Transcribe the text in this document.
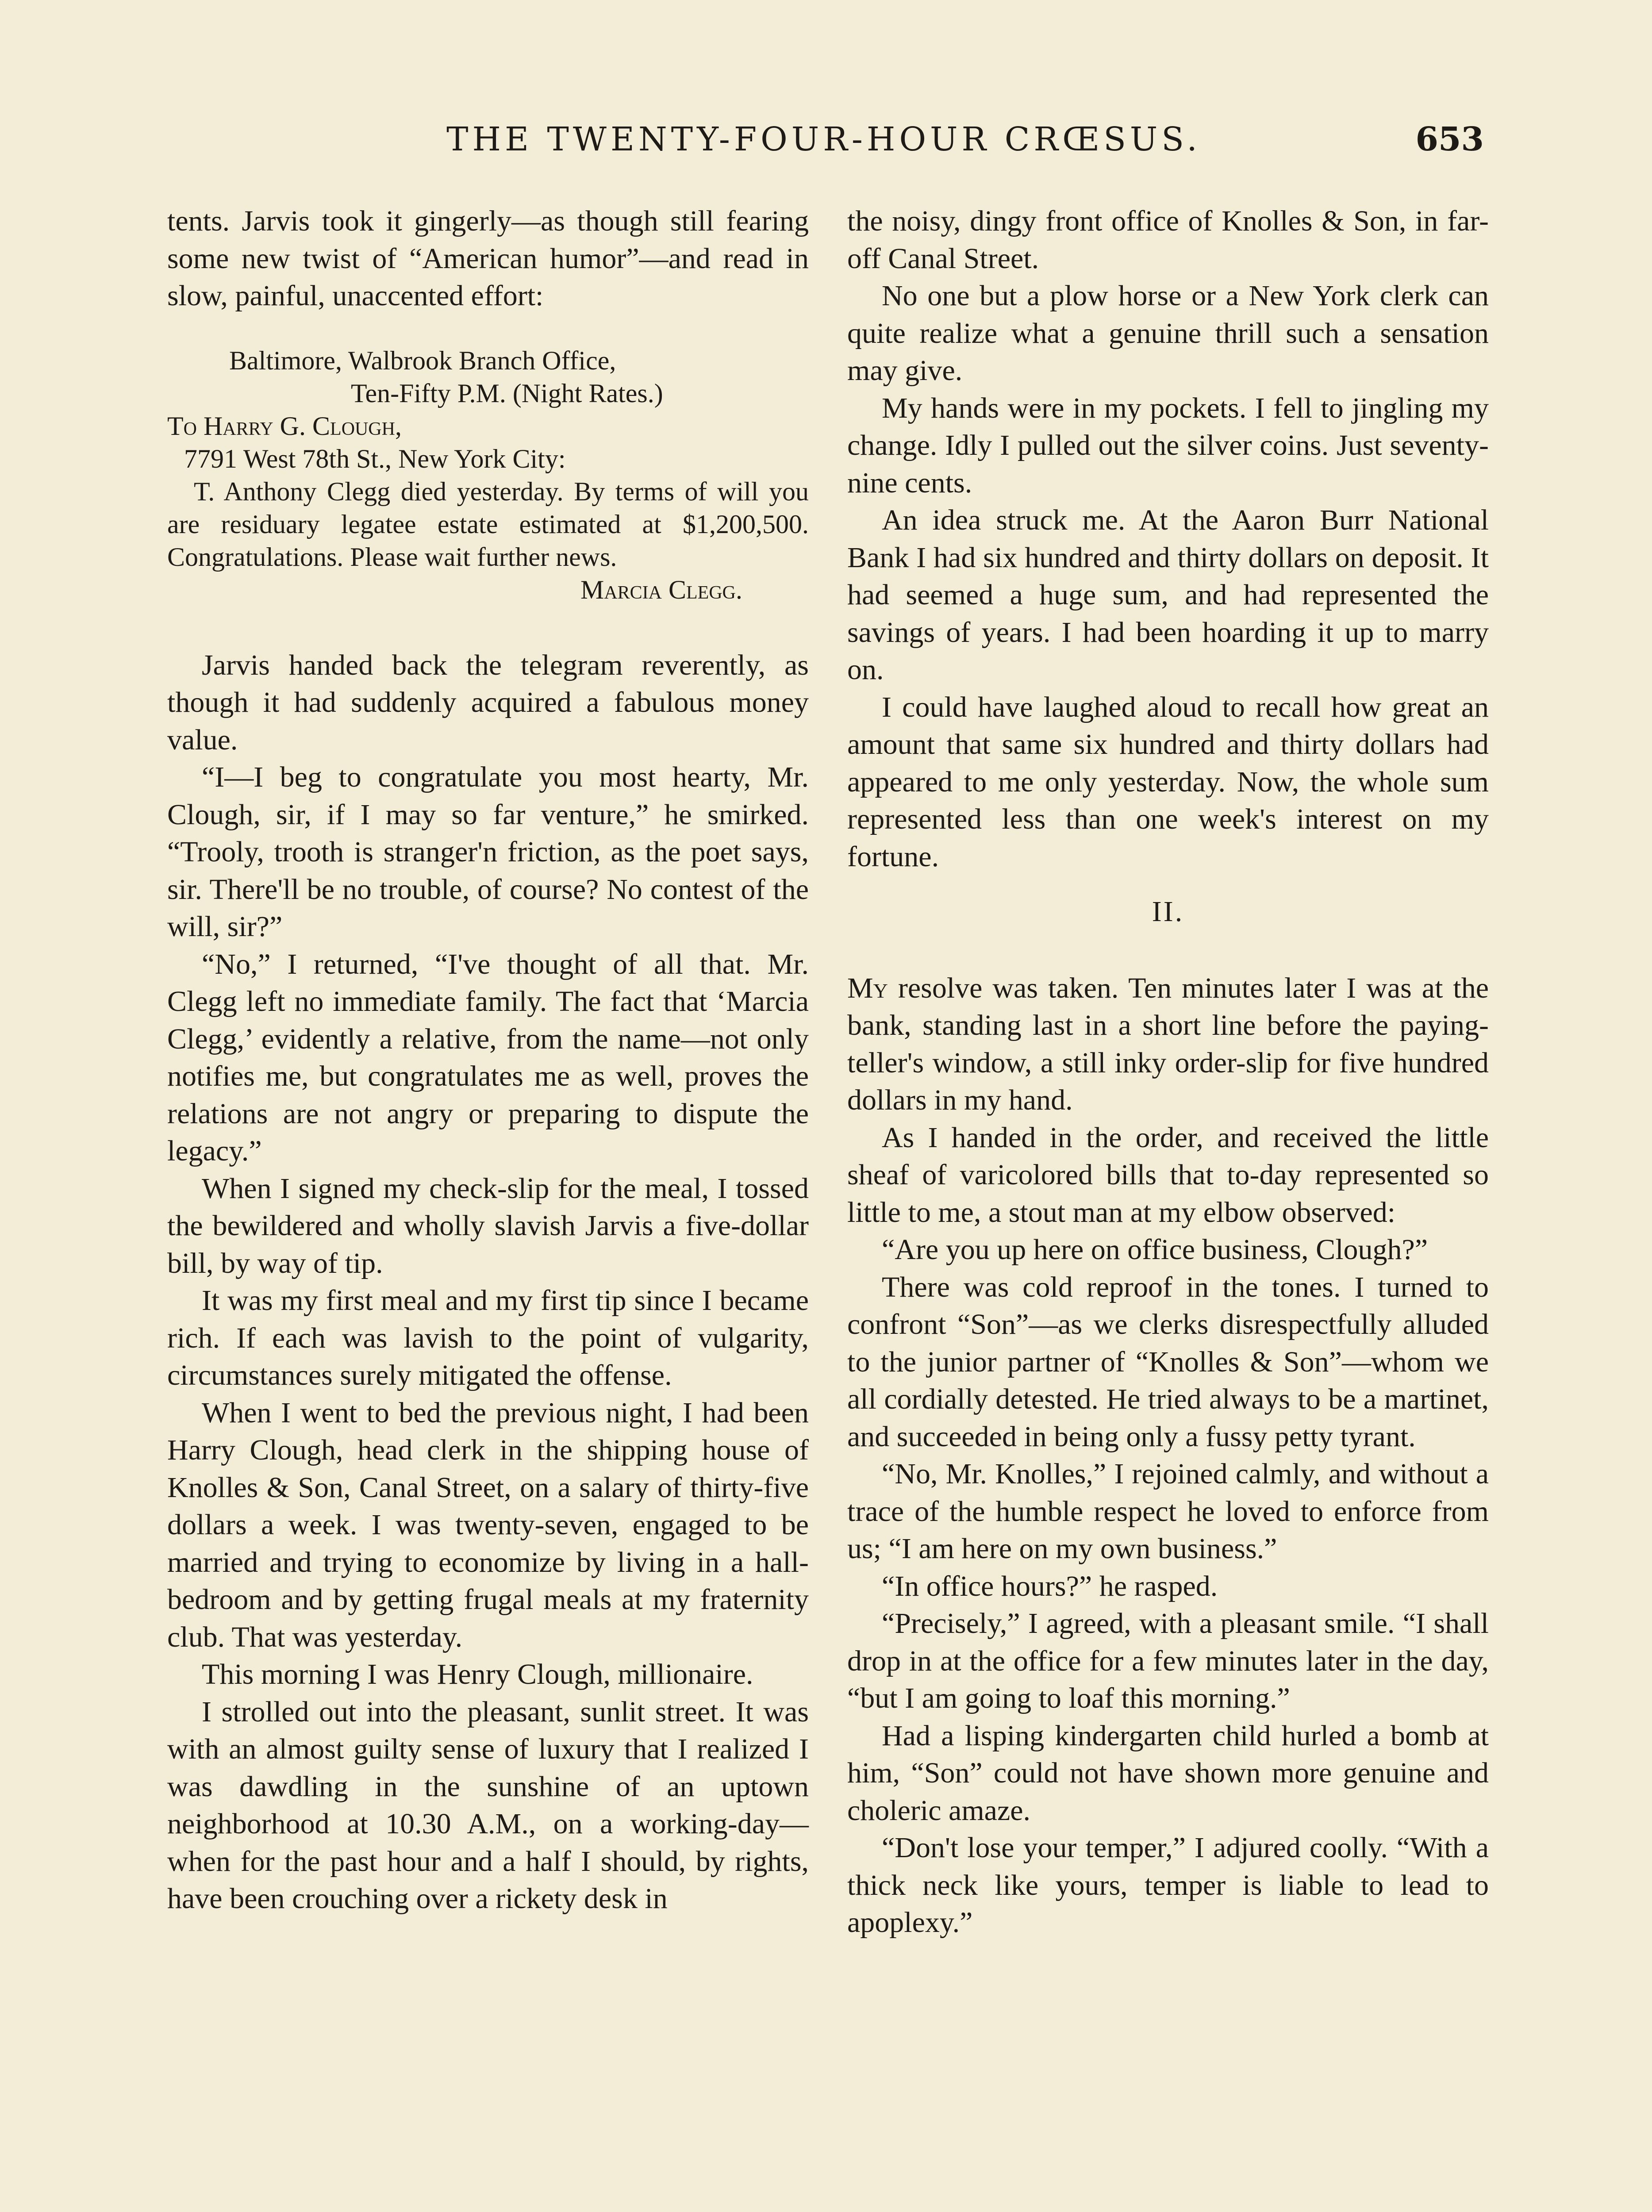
THE TWENTY-FOUR-HOUR CRŒSUS.	653

tents. Jarvis took it gingerly—as though still fearing some new twist of “American humor”—and read in slow, painful, unaccented effort:

Baltimore, Walbrook Branch Office,
Ten-Fifty P.M. (Night Rates.)
To Harry G. Clough,
7791 West 78th St., New York City:
T. Anthony Clegg died yesterday. By terms of will you are residuary legatee estate estimated at $1,200,500. Congratulations. Please wait further news.
Marcia Clegg.

Jarvis handed back the telegram reverently, as though it had suddenly acquired a fabulous money value.

“I—I beg to congratulate you most hearty, Mr. Clough, sir, if I may so far venture,” he smirked. “Trooly, trooth is stranger'n friction, as the poet says, sir. There'll be no trouble, of course? No contest of the will, sir?”

“No,” I returned, “I've thought of all that. Mr. Clegg left no immediate family. The fact that ‘Marcia Clegg,’ evidently a relative, from the name—not only notifies me, but congratulates me as well, proves the relations are not angry or preparing to dispute the legacy.”

When I signed my check-slip for the meal, I tossed the bewildered and wholly slavish Jarvis a five-dollar bill, by way of tip.

It was my first meal and my first tip since I became rich. If each was lavish to the point of vulgarity, circumstances surely mitigated the offense.

When I went to bed the previous night, I had been Harry Clough, head clerk in the shipping house of Knolles & Son, Canal Street, on a salary of thirty-five dollars a week. I was twenty-seven, engaged to be married and trying to economize by living in a hall-bedroom and by getting frugal meals at my fraternity club. That was yesterday.

This morning I was Henry Clough, millionaire.

I strolled out into the pleasant, sunlit street. It was with an almost guilty sense of luxury that I realized I was dawdling in the sunshine of an uptown neighborhood at 10.30 A.M., on a working-day—when for the past hour and a half I should, by rights, have been crouching over a rickety desk in

the noisy, dingy front office of Knolles & Son, in far-off Canal Street.

No one but a plow horse or a New York clerk can quite realize what a genuine thrill such a sensation may give.

My hands were in my pockets. I fell to jingling my change. Idly I pulled out the silver coins. Just seventy-nine cents.

An idea struck me. At the Aaron Burr National Bank I had six hundred and thirty dollars on deposit. It had seemed a huge sum, and had represented the savings of years. I had been hoarding it up to marry on.

I could have laughed aloud to recall how great an amount that same six hundred and thirty dollars had appeared to me only yesterday. Now, the whole sum represented less than one week's interest on my fortune.

II.

My resolve was taken. Ten minutes later I was at the bank, standing last in a short line before the paying-teller's window, a still inky order-slip for five hundred dollars in my hand.

As I handed in the order, and received the little sheaf of varicolored bills that to-day represented so little to me, a stout man at my elbow observed:

“Are you up here on office business, Clough?”

There was cold reproof in the tones. I turned to confront “Son”—as we clerks disrespectfully alluded to the junior partner of “Knolles & Son”—whom we all cordially detested. He tried always to be a martinet, and succeeded in being only a fussy petty tyrant.

“No, Mr. Knolles,” I rejoined calmly, and without a trace of the humble respect he loved to enforce from us; “I am here on my own business.”

“In office hours?” he rasped.

“Precisely,” I agreed, with a pleasant smile. “I shall drop in at the office for a few minutes later in the day, “but I am going to loaf this morning.”

Had a lisping kindergarten child hurled a bomb at him, “Son” could not have shown more genuine and choleric amaze.

“Don't lose your temper,” I adjured coolly. “With a thick neck like yours, temper is liable to lead to apoplexy.”
